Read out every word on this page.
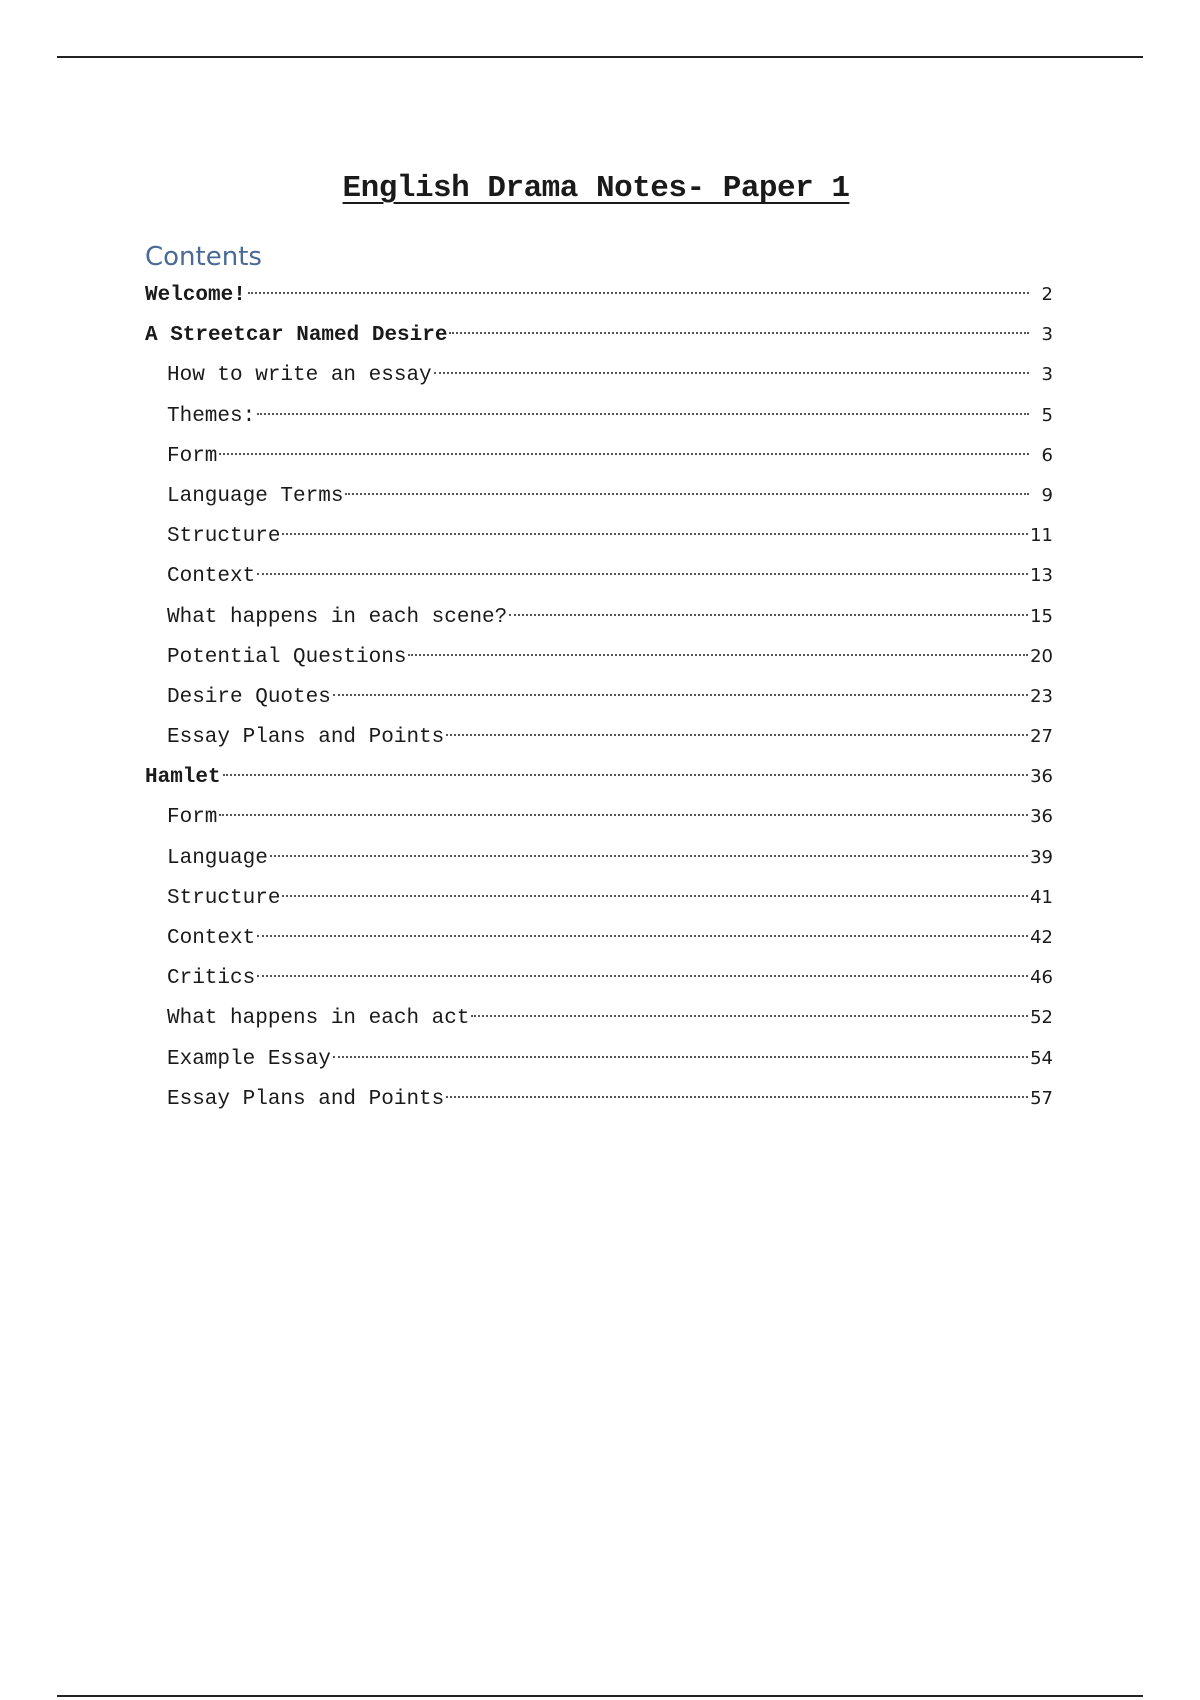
English Drama Notes- Paper 1
Contents
Welcome!	2
A Streetcar Named Desire	3
How to write an essay	3
Themes:	5
Form	6
Language Terms	9
Structure	11
Context	13
What happens in each scene?	15
Potential Questions	20
Desire Quotes	23
Essay Plans and Points	27
Hamlet	36
Form	36
Language	39
Structure	41
Context	42
Critics	46
What happens in each act	52
Example Essay	54
Essay Plans and Points	57
